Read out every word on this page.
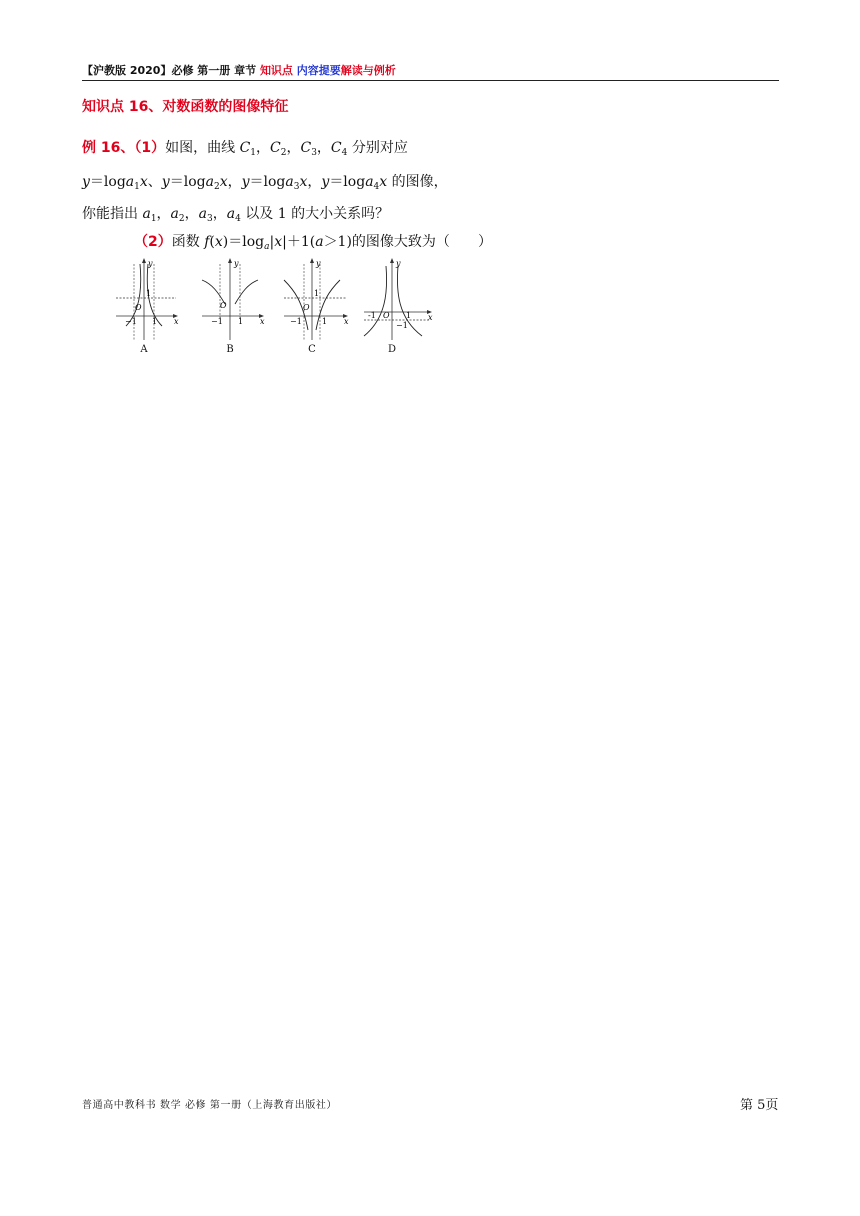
【沪教版 2020】必修 第一册 章节 知识点 内容提要解读与例析
知识点 16、对数函数的图像特征
例 16、（1）如图，曲线 $C_1$，$C_2$，$C_3$，$C_4$ 分别对应
y＝loga$_1$x、y＝loga$_2$x，y＝loga$_3$x，y＝loga$_4$x 的图像，
你能指出 $a_1$，$a_2$，$a_3$，$a_4$ 以及 1 的大小关系吗？
（2）函数 $f(x)=\log_a|x|+1(a>1)$的图像大致为（ ）
y
x
O
1
−1 1
A
y
x
O
−1 1
B
y
x
O
1
−1	1
C
y
x
O
-1	1
−1
D
普通高中教科书 数学 必修 第一册（上海教育出版社）	第 5页
